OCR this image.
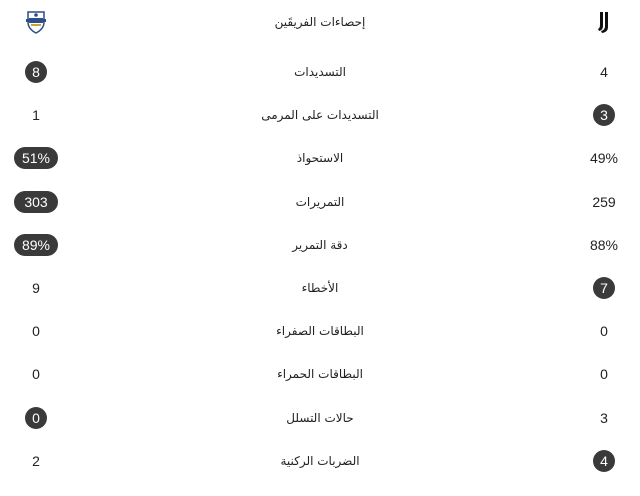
إحصاءات الفريقَين
8	التسديدات	4
1	التسديدات على المرمى	3
51%	الاستحواذ	49%
303	التمريرات	259
89%	دقة التمرير	88%
9	الأخطاء	7
0	البطاقات الصفراء	0
0	البطاقات الحمراء	0
0	حالات التسلل	3
2	الضربات الركنية	4
